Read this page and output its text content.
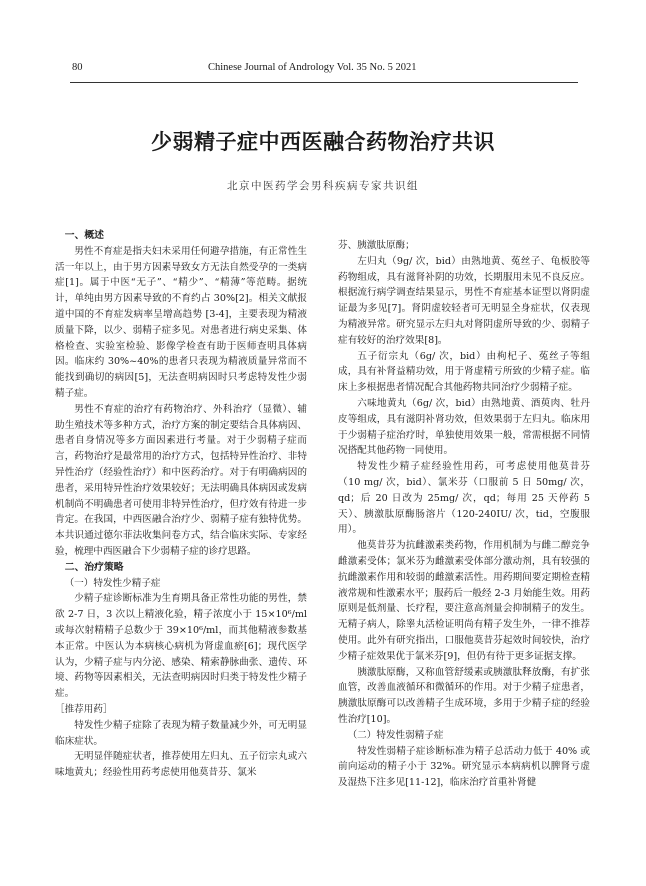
80	Chinese Journal of Andrology Vol. 35 No. 5 2021
少弱精子症中西医融合药物治疗共识
北京中医药学会男科疾病专家共识组
一、概述

男性不育症是指夫妇未采用任何避孕措施，有正常性生活一年以上，由于男方因素导致女方无法自然受孕的一类病症[1]。属于中医“无子”、“精少”、“精薄”等范畴。据统计，单纯由男方因素导致的不育约占 30%[2]。相关文献报道中国的不育症发病率呈增高趋势 [3-4]，主要表现为精液质量下降，以少、弱精子症多见。对患者进行病史采集、体格检查、实验室检验、影像学检查有助于医师查明具体病因。临床约 30%~40%的患者只表现为精液质量异常而不能找到确切的病因[5]，无法查明病因时只考虑特发性少弱精子症。

男性不育症的治疗有药物治疗、外科治疗（显微）、辅助生殖技术等多种方式，治疗方案的制定要结合具体病因、患者自身情况等多方面因素进行考量。对于少弱精子症而言，药物治疗是最常用的治疗方式，包括特异性治疗、非特异性治疗（经验性治疗）和中医药治疗。对于有明确病因的患者，采用特异性治疗效果较好；无法明确具体病因或发病机制尚不明确患者可使用非特异性治疗，但疗效有待进一步肯定。在我国，中西医融合治疗少、弱精子症有独特优势。本共识通过德尔菲法收集问卷方式，结合临床实际、专家经验，梳理中西医融合下少弱精子症的诊疗思路。

二、治疗策略
（一）特发性少精子症

少精子症诊断标准为生育期具备正常性功能的男性，禁欲 2-7 日，3 次以上精液化验，精子浓度小于 15×10⁶/ml 或每次射精精子总数少于 39×10⁶/ml，而其他精液参数基本正常。中医认为本病核心病机为肾虚血瘀[6]；现代医学认为，少精子症与内分泌、感染、精索静脉曲张、遗传、环境、药物等因素相关，无法查明病因时归类于特发性少精子症。

［推荐用药］

特发性少精子症除了表现为精子数量减少外，可无明显临床症状。

无明显伴随症状者，推荐使用左归丸、五子衍宗丸或六味地黄丸；经验性用药考虑使用他莫昔芬、氯米

芬、胰激肽原酶；

左归丸（9g/ 次，bid）由熟地黄、菟丝子、龟板胶等药物组成，具有滋肾补阴的功效，长期服用未见不良反应。根据流行病学调查结果显示，男性不育症基本证型以肾阴虚证最为多见[7]。肾阴虚较轻者可无明显全身症状，仅表现为精液异常。研究显示左归丸对肾阴虚所导致的少、弱精子症有较好的治疗效果[8]。

五子衍宗丸（6g/ 次，bid）由枸杞子、菟丝子等组成，具有补肾益精功效，用于肾虚精亏所致的少精子症。临床上多根据患者情况配合其他药物共同治疗少弱精子症。

六味地黄丸（6g/ 次，bid）由熟地黄、酒萸肉、牡丹皮等组成，具有滋阴补肾功效，但效果弱于左归丸。临床用于少弱精子症治疗时，单独使用效果一般，常需根据不同情况搭配其他药物一同使用。

特发性少精子症经验性用药，可考虑使用他莫昔芬（10 mg/ 次，bid）、氯米芬（口服前 5 日 50mg/ 次，qd；后 20 日改为 25mg/ 次，qd；每用 25 天停药 5 天）、胰激肽原酶肠溶片（120-240IU/ 次，tid，空腹服用）。

他莫昔芬为抗雌激素类药物，作用机制为与雌二醇竞争雌激素受体；氯米芬为雌激素受体部分激动剂，具有较强的抗雌激素作用和较弱的雌激素活性。用药期间要定期检查精液常规和性激素水平；服药后一般经 2-3 月始能生效。用药原则是低剂量、长疗程，要注意高剂量会抑制精子的发生。无精子病人，除睾丸活检证明尚有精子发生外，一律不推荐使用。此外有研究指出，口服他莫昔芬起效时间较快，治疗少精子症效果优于氯米芬[9]，但仍有待于更多证据支撑。

胰激肽原酶，又称血管舒缓素或胰激肽释放酶，有扩张血管，改善血液循环和微循环的作用。对于少精子症患者，胰激肽原酶可以改善精子生成环境，多用于少精子症的经验性治疗[10]。

（二）特发性弱精子症

特发性弱精子症诊断标准为精子总活动力低于 40% 或前向运动的精子小于 32%。研究显示本病病机以脾肾亏虚及湿热下注多见[11-12]，临床治疗首重补肾健
